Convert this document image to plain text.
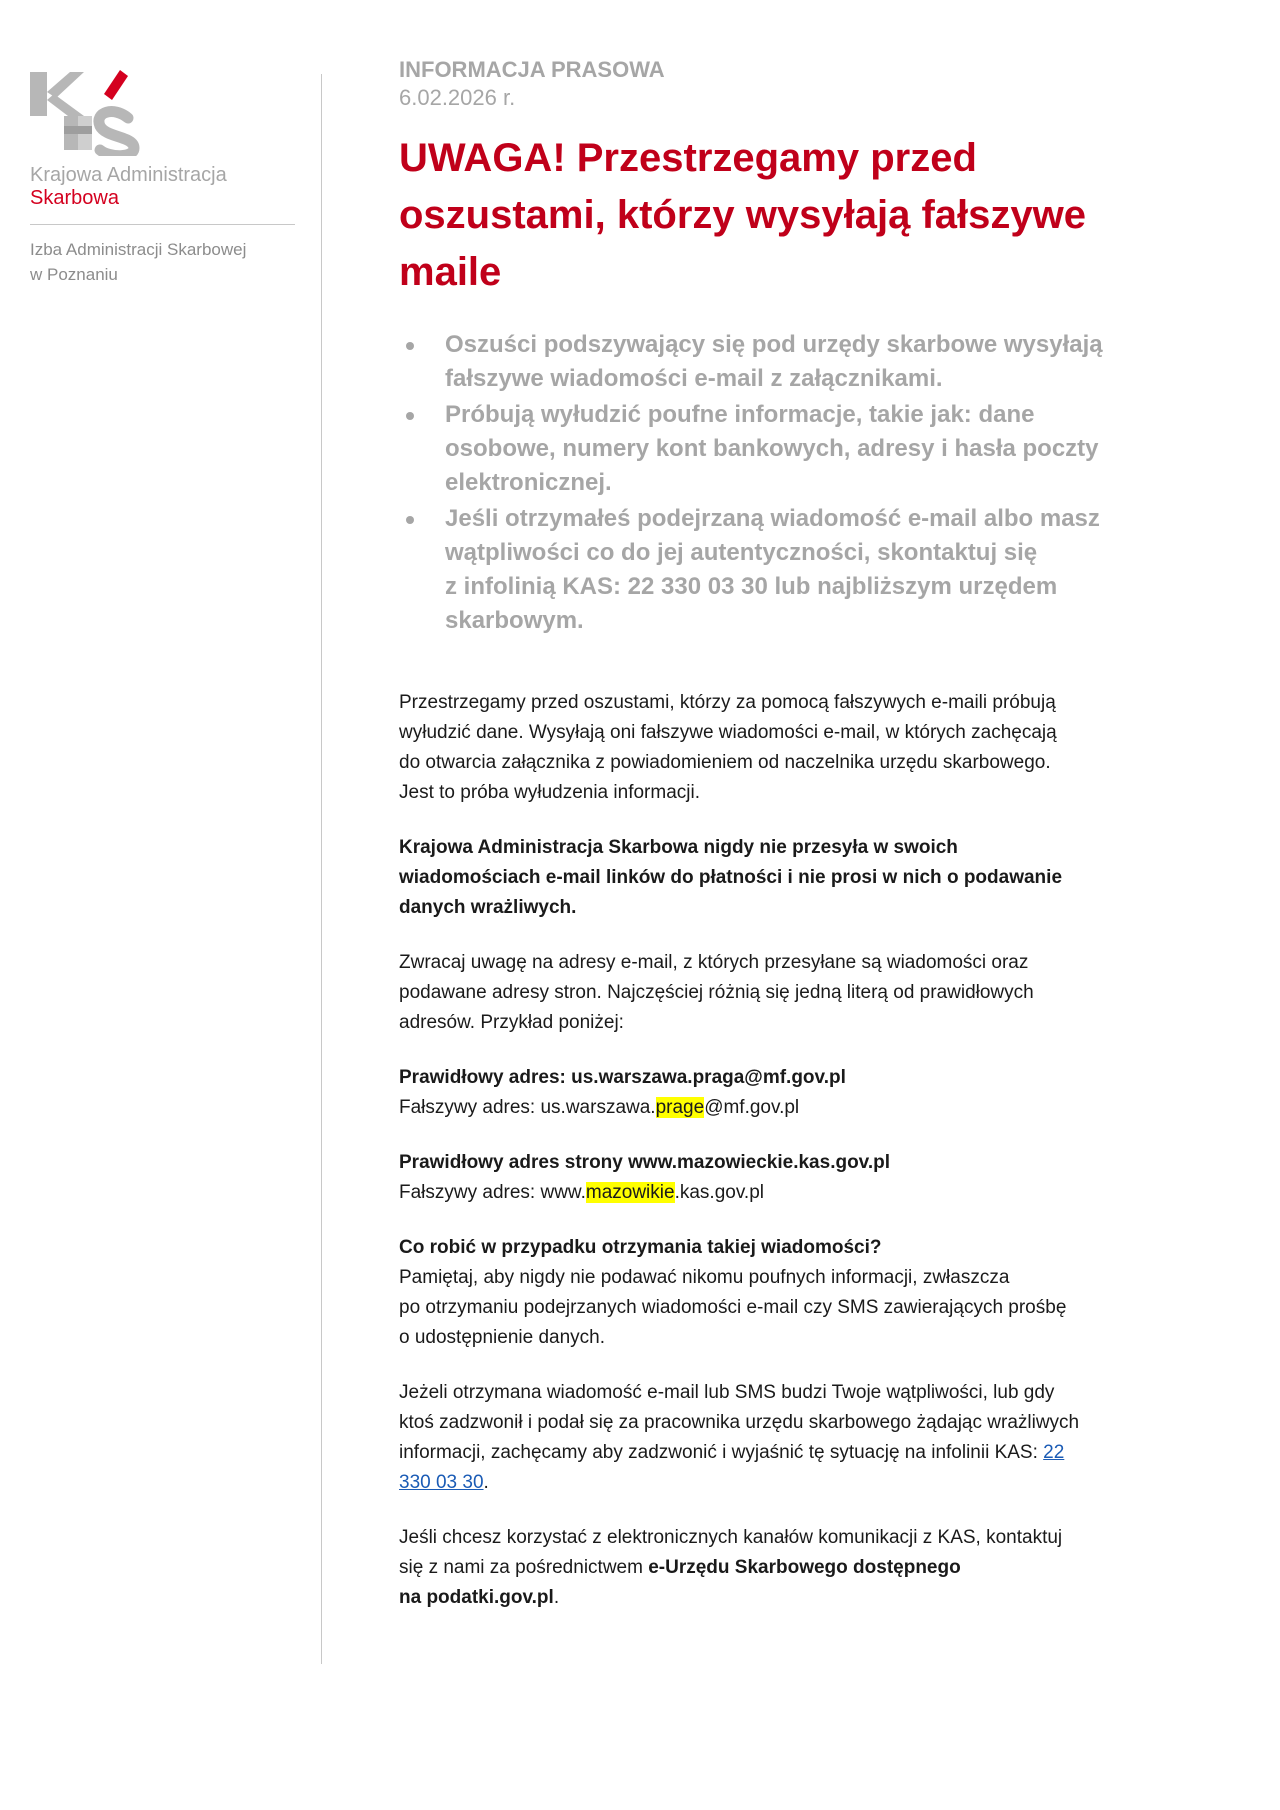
Krajowa Administracja
Skarbowa
Izba Administracji Skarbowej
w Poznaniu
INFORMACJA PRASOWA
6.02.2026 r.
UWAGA! Przestrzegamy przed
oszustami, którzy wysyłają fałszywe
maile
Oszuści podszywający się pod urzędy skarbowe wysyłają
fałszywe wiadomości e-mail z załącznikami.
Próbują wyłudzić poufne informacje, takie jak: dane
osobowe, numery kont bankowych, adresy i hasła poczty
elektronicznej.
Jeśli otrzymałeś podejrzaną wiadomość e-mail albo masz
wątpliwości co do jej autentyczności, skontaktuj się
z infolinią KAS: 22 330 03 30 lub najbliższym urzędem
skarbowym.

Przestrzegamy przed oszustami, którzy za pomocą fałszywych e-maili próbują
wyłudzić dane. Wysyłają oni fałszywe wiadomości e-mail, w których zachęcają
do otwarcia załącznika z powiadomieniem od naczelnika urzędu skarbowego.
Jest to próba wyłudzenia informacji.

Krajowa Administracja Skarbowa nigdy nie przesyła w swoich
wiadomościach e-mail linków do płatności i nie prosi w nich o podawanie
danych wrażliwych.

Zwracaj uwagę na adresy e-mail, z których przesyłane są wiadomości oraz
podawane adresy stron. Najczęściej różnią się jedną literą od prawidłowych
adresów. Przykład poniżej:

Prawidłowy adres: us.warszawa.praga@mf.gov.pl
Fałszywy adres: us.warszawa.prage@mf.gov.pl

Prawidłowy adres strony www.mazowieckie.kas.gov.pl
Fałszywy adres: www.mazowikie.kas.gov.pl

Co robić w przypadku otrzymania takiej wiadomości?
Pamiętaj, aby nigdy nie podawać nikomu poufnych informacji, zwłaszcza
po otrzymaniu podejrzanych wiadomości e-mail czy SMS zawierających prośbę
o udostępnienie danych.

Jeżeli otrzymana wiadomość e-mail lub SMS budzi Twoje wątpliwości, lub gdy
ktoś zadzwonił i podał się za pracownika urzędu skarbowego żądając wrażliwych
informacji, zachęcamy aby zadzwonić i wyjaśnić tę sytuację na infolinii KAS: 22
330 03 30.

Jeśli chcesz korzystać z elektronicznych kanałów komunikacji z KAS, kontaktuj
się z nami za pośrednictwem e-Urzędu Skarbowego dostępnego
na podatki.gov.pl.
